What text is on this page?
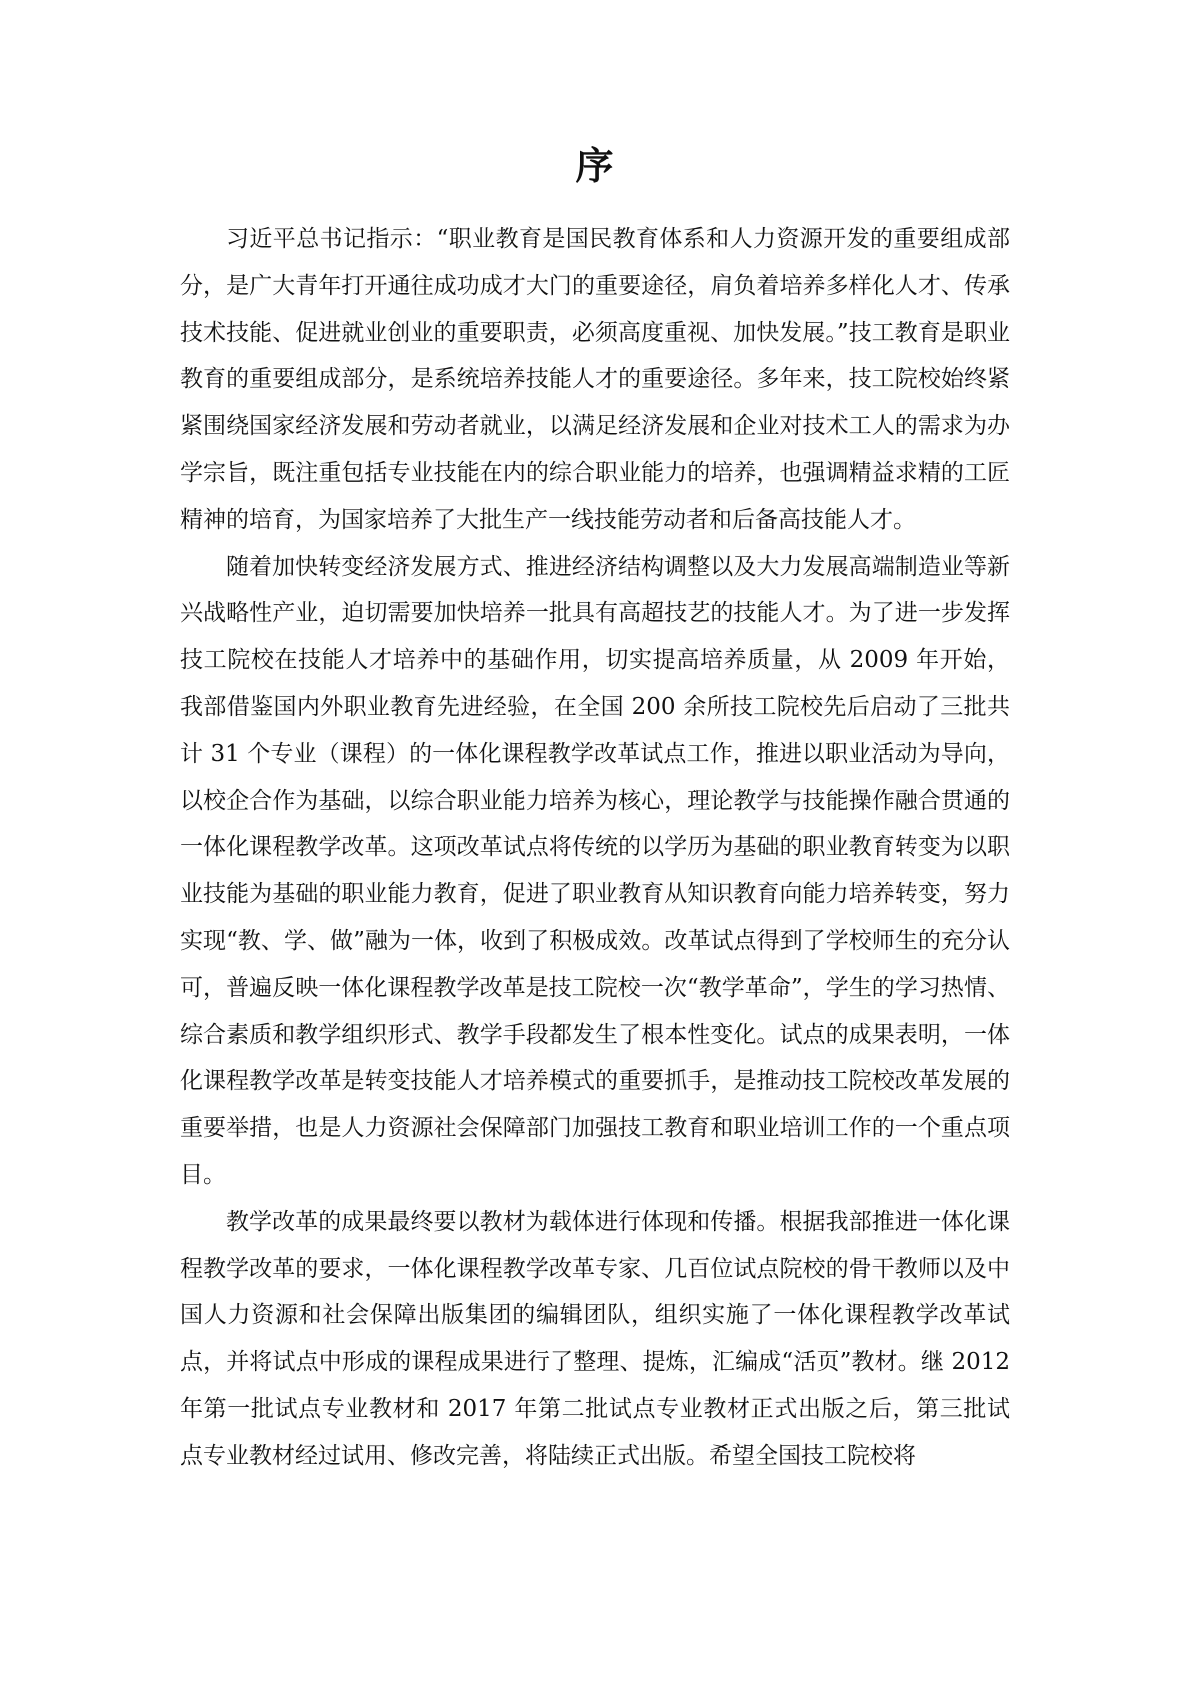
序

习近平总书记指示：“职业教育是国民教育体系和人力资源开发的重要组成部分，是广大青年打开通往成功成才大门的重要途径，肩负着培养多样化人才、传承技术技能、促进就业创业的重要职责，必须高度重视、加快发展。”技工教育是职业教育的重要组成部分，是系统培养技能人才的重要途径。多年来，技工院校始终紧紧围绕国家经济发展和劳动者就业，以满足经济发展和企业对技术工人的需求为办学宗旨，既注重包括专业技能在内的综合职业能力的培养，也强调精益求精的工匠精神的培育，为国家培养了大批生产一线技能劳动者和后备高技能人才。

随着加快转变经济发展方式、推进经济结构调整以及大力发展高端制造业等新兴战略性产业，迫切需要加快培养一批具有高超技艺的技能人才。为了进一步发挥技工院校在技能人才培养中的基础作用，切实提高培养质量，从 2009 年开始，我部借鉴国内外职业教育先进经验，在全国 200 余所技工院校先后启动了三批共计 31 个专业（课程）的一体化课程教学改革试点工作，推进以职业活动为导向，以校企合作为基础，以综合职业能力培养为核心，理论教学与技能操作融合贯通的一体化课程教学改革。这项改革试点将传统的以学历为基础的职业教育转变为以职业技能为基础的职业能力教育，促进了职业教育从知识教育向能力培养转变，努力实现“教、学、做”融为一体，收到了积极成效。改革试点得到了学校师生的充分认可，普遍反映一体化课程教学改革是技工院校一次“教学革命”，学生的学习热情、综合素质和教学组织形式、教学手段都发生了根本性变化。试点的成果表明，一体化课程教学改革是转变技能人才培养模式的重要抓手，是推动技工院校改革发展的重要举措，也是人力资源社会保障部门加强技工教育和职业培训工作的一个重点项目。

教学改革的成果最终要以教材为载体进行体现和传播。根据我部推进一体化课程教学改革的要求，一体化课程教学改革专家、几百位试点院校的骨干教师以及中国人力资源和社会保障出版集团的编辑团队，组织实施了一体化课程教学改革试点，并将试点中形成的课程成果进行了整理、提炼，汇编成“活页”教材。继 2012 年第一批试点专业教材和 2017 年第二批试点专业教材正式出版之后，第三批试点专业教材经过试用、修改完善，将陆续正式出版。希望全国技工院校将
